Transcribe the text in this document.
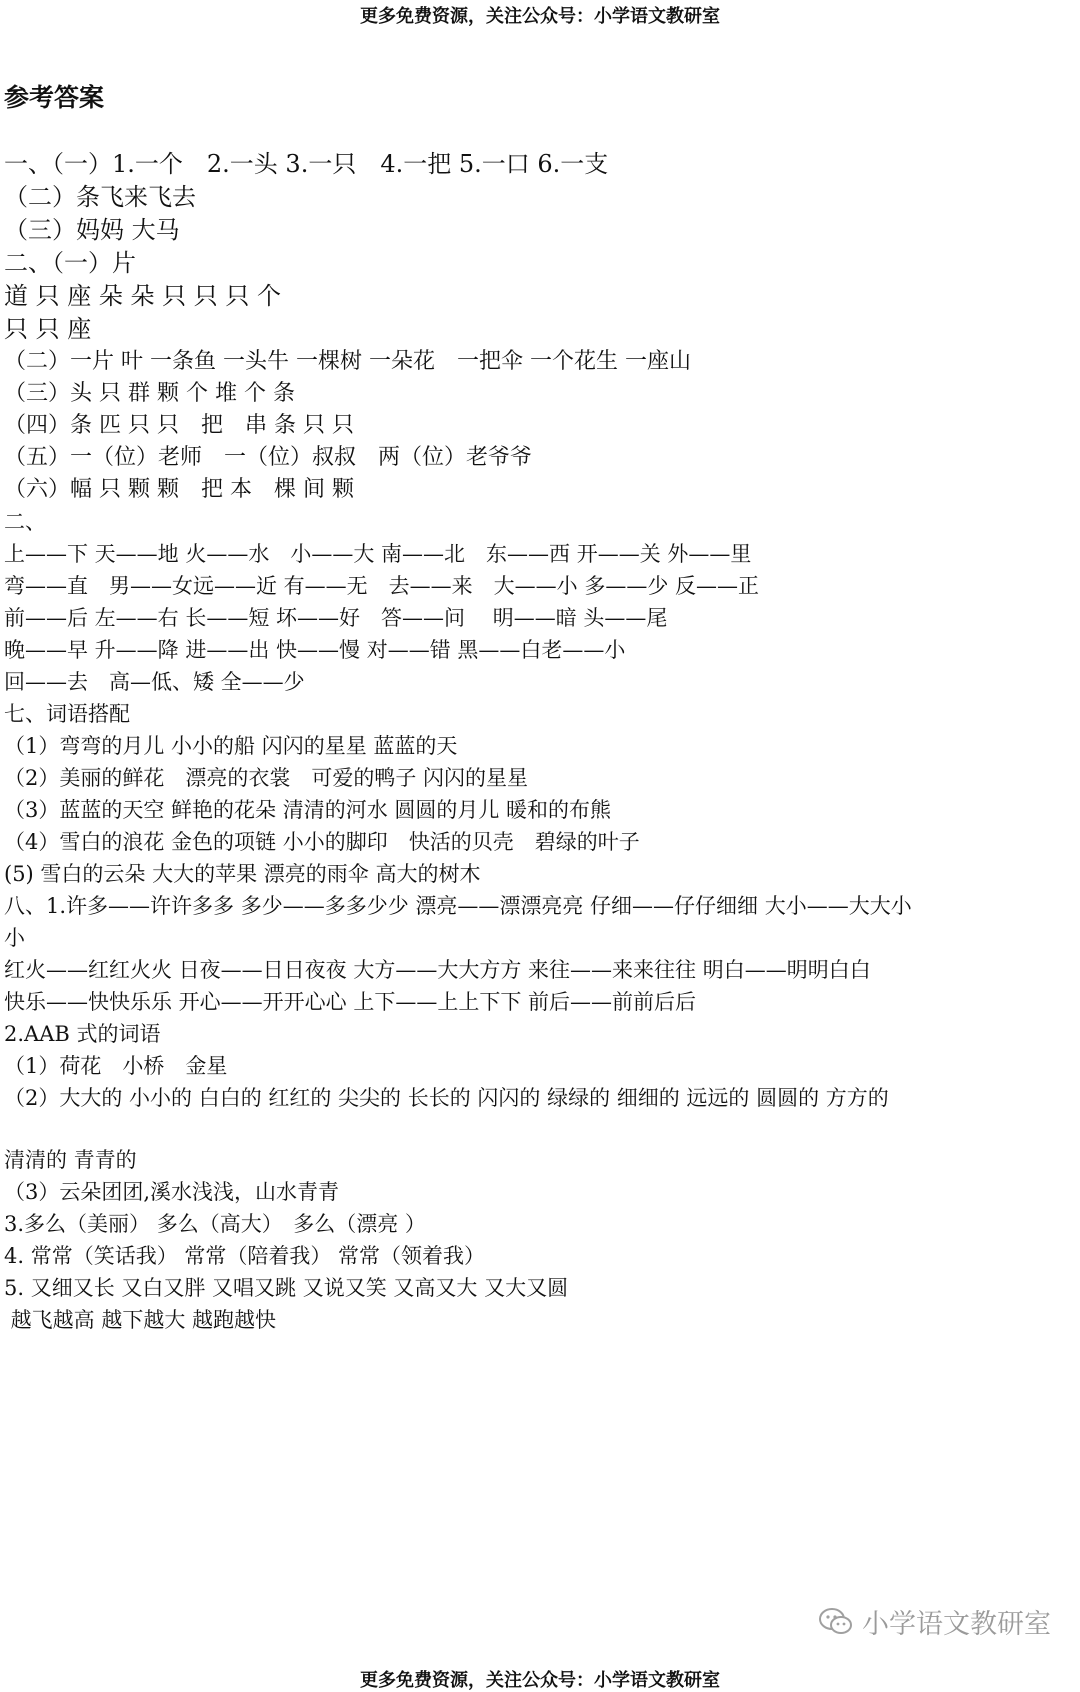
更多免费资源，关注公众号：小学语文教研室
参考答案
一、（一）1.一个　2.一头 3.一只　4.一把 5.一口 6.一支
（二）条飞来飞去
（三）妈妈 大马
二、（一）片
道 只 座 朵 朵 只 只 只 个
只 只 座
（二）一片 叶 一条鱼 一头牛 一棵树 一朵花　一把伞 一个花生 一座山
（三）头 只 群 颗 个 堆 个 条
（四）条 匹 只 只　把　串 条 只 只
（五）一（位）老师　一（位）叔叔　两（位）老爷爷
（六）幅 只 颗 颗　把 本　棵 间 颗
二、
上——下 天——地 火——水　小——大 南——北　东——西 开——关 外——里
弯——直　男——女远——近 有——无　去——来　大——小 多——少 反——正
前——后 左——右 长——短 坏——好　答——问　 明——暗 头——尾
晚——早 升——降 进——出 快——慢 对——错 黑——白老——小
回——去　高—低、矮 全——少
七、词语搭配
（1）弯弯的月儿 小小的船 闪闪的星星 蓝蓝的天
（2）美丽的鲜花　漂亮的衣裳　可爱的鸭子 闪闪的星星
（3）蓝蓝的天空 鲜艳的花朵 清清的河水 圆圆的月儿 暖和的布熊
（4）雪白的浪花 金色的项链 小小的脚印　快活的贝壳　碧绿的叶子
(5) 雪白的云朵 大大的苹果 漂亮的雨伞 高大的树木
八、1.许多——许许多多 多少——多多少少 漂亮——漂漂亮亮 仔细——仔仔细细 大小——大大小
小
红火——红红火火 日夜——日日夜夜 大方——大大方方 来往——来来往往 明白——明明白白
快乐——快快乐乐 开心——开开心心 上下——上上下下 前后——前前后后
2.AAB 式的词语
（1）荷花　小桥　金星
（2）大大的 小小的 白白的 红红的 尖尖的 长长的 闪闪的 绿绿的 细细的 远远的 圆圆的 方方的
清清的 青青的
（3）云朵团团,溪水浅浅，山水青青
3.多么（美丽） 多么（高大）　多么（漂亮 ）
4. 常常（笑话我） 常常（陪着我） 常常（领着我）
5. 又细又长 又白又胖 又唱又跳 又说又笑 又高又大 又大又圆
越飞越高 越下越大 越跑越快
小学语文教研室
更多免费资源，关注公众号：小学语文教研室
